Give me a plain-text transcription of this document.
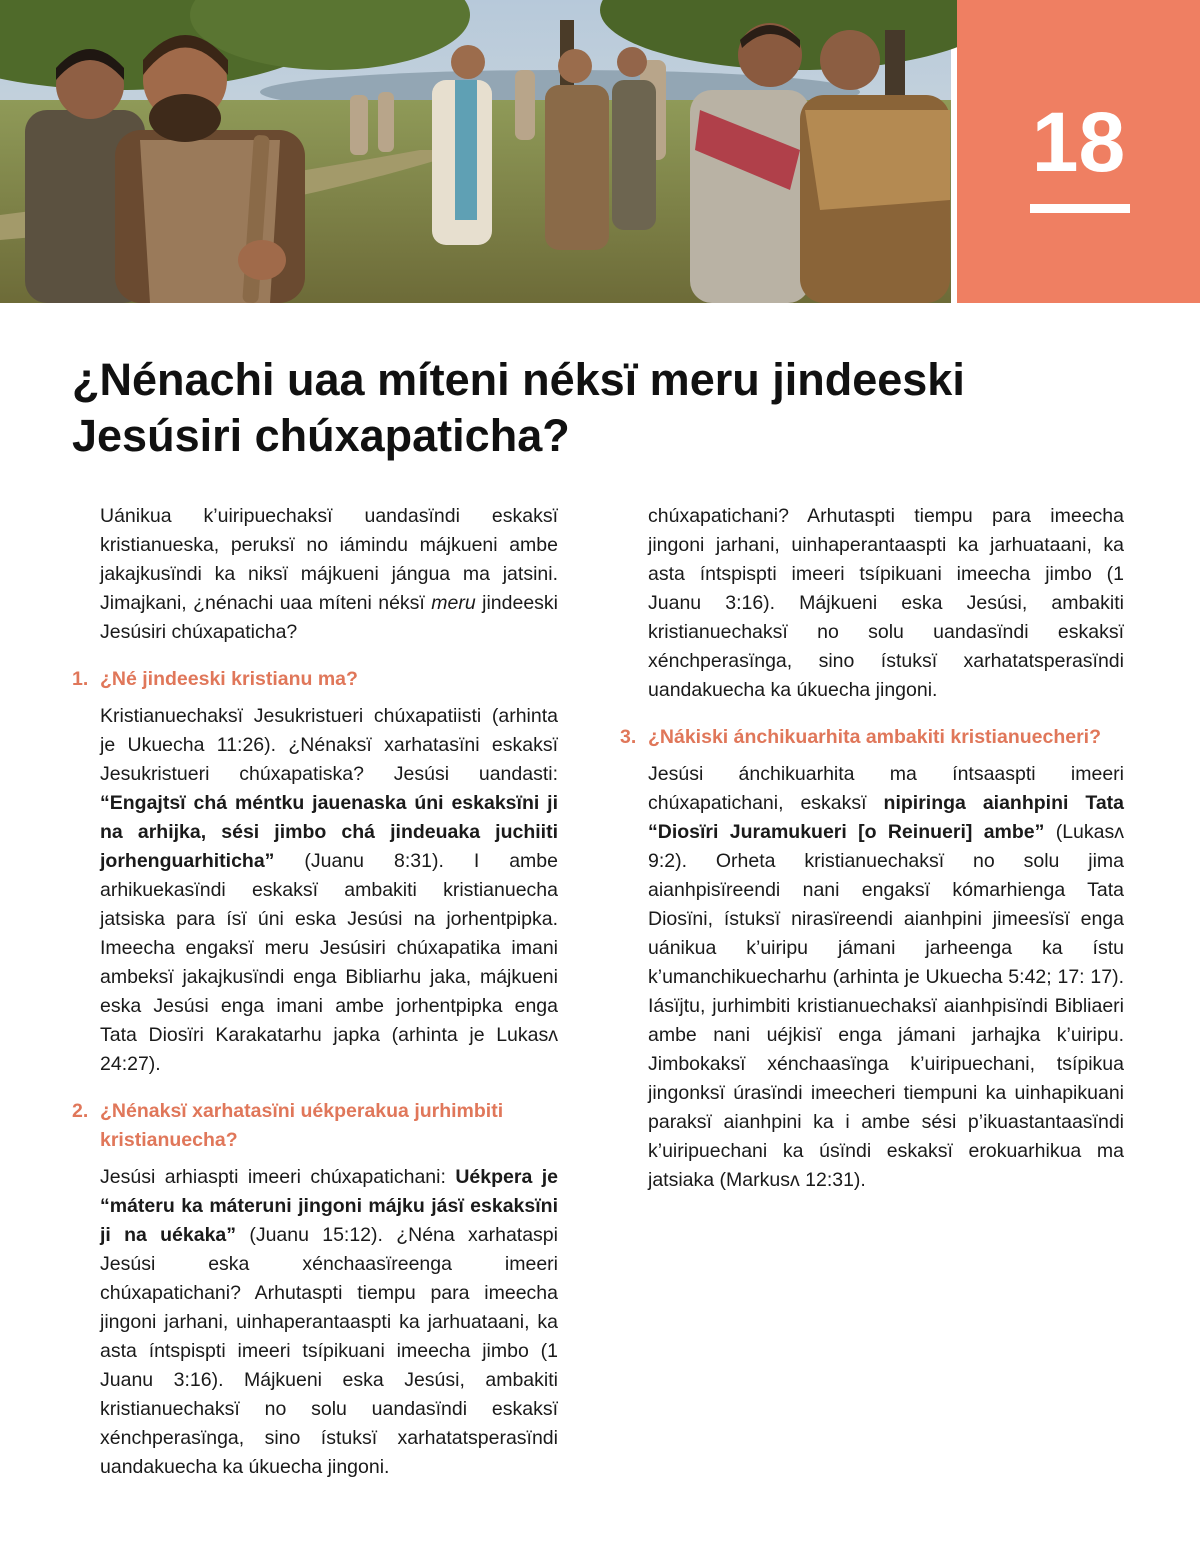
18
¿Nénachi uaa míteni néksï meru jindeeski
Jesúsiri chúxapaticha?

Uánikua k’uiripuechaksï uandasïndi eskaksï kristianueska, peruksï no iámindu májkueni ambe jakajkusïndi ka niksï májkueni jángua ma jatsini. Jimajkani, ¿nénachi uaa míteni néksï meru jindeeski Jesúsiri chúxapaticha?

1. ¿Né jindeeski kristianu ma?

Kristianuechaksï Jesukristueri chúxapatiisti (arhinta je Ukuecha 11:26). ¿Nénaksï xarhatasïni eskaksï Jesukristueri chúxapatiska? Jesúsi uandasti: “Engajtsï chá méntku jauenaska úni eskaksïni ji na arhijka, sési jimbo chá jindeuaka juchiiti jorhenguarhiticha” (Juanu 8:31). I ambe arhikuekasïndi eskaksï ambakiti kristianuecha jatsiska para ísï úni eska Jesúsi na jorhentpipka. Imeecha engaksï meru Jesúsiri chúxapatika imani ambeksï jakajkusïndi enga Bibliarhu jaka, májkueni eska Jesúsi enga imani ambe jorhentpipka enga Tata Diosïri Karakatarhu japka (arhinta je Lukasʌ 24:27).

2. ¿Nénaksï xarhatasïni uékperakua jurhimbiti kristianuecha?

Jesúsi arhiaspti imeeri chúxapatichani: Uékpera je “máteru ka máteruni jingoni májku jásï eskaksïni ji na uékaka” (Juanu 15:12). ¿Néna xarhataspi Jesúsi eska xénchaasïreenga imeeri chúxapatichani? Arhutaspti tiempu para imeecha jingoni jarhani, uinhaperantaaspti ka jarhuataani, ka asta íntspispti imeeri tsípikuani imeecha jimbo (1 Juanu 3:16). Májkueni eska Jesúsi, ambakiti kristianuechaksï no solu uandasïndi eskaksï xénchperasïnga, sino ístuksï xarhatatsperasïndi uandakuecha ka úkuecha jingoni.

chúxapatichani? Arhutaspti tiempu para imeecha jingoni jarhani, uinhaperantaaspti ka jarhuataani, ka asta íntspispti imeeri tsípikuani imeecha jimbo (1 Juanu 3:16). Májkueni eska Jesúsi, ambakiti kristianuechaksï no solu uandasïndi eskaksï xénchperasïnga, sino ístuksï xarhatatsperasïndi uandakuecha ka úkuecha jingoni.

3. ¿Nákiski ánchikuarhita ambakiti kristianuecheri?

Jesúsi ánchikuarhita ma íntsaaspti imeeri chúxapatichani, eskaksï nipiringa aianhpini Tata “Diosïri Juramukueri [o Reinueri] ambe” (Lukasʌ 9:2). Orheta kristianuechaksï no solu jima aianhpisïreendi nani engaksï kómarhienga Tata Diosïni, ístuksï nirasïreendi aianhpini jimeesïsï enga uánikua k’uiripu jámani jarheenga ka ístu k’umanchikuecharhu (arhinta je Ukuecha 5:42; 17: 17). Iásïjtu, jurhimbiti kristianuechaksï aianhpisïndi Bibliaeri ambe nani uéjkisï enga jámani jarhajka k’uiripu. Jimbokaksï xénchaasïnga k’uiripuechani, tsípikua jingonksï úrasïndi imeecheri tiempuni ka uinhapikuani paraksï aianhpini ka i ambe sési p’ikuastantaasïndi k’uiripuechani ka úsïndi eskaksï erokuarhikua ma jatsiaka (Markusʌ 12:31).
